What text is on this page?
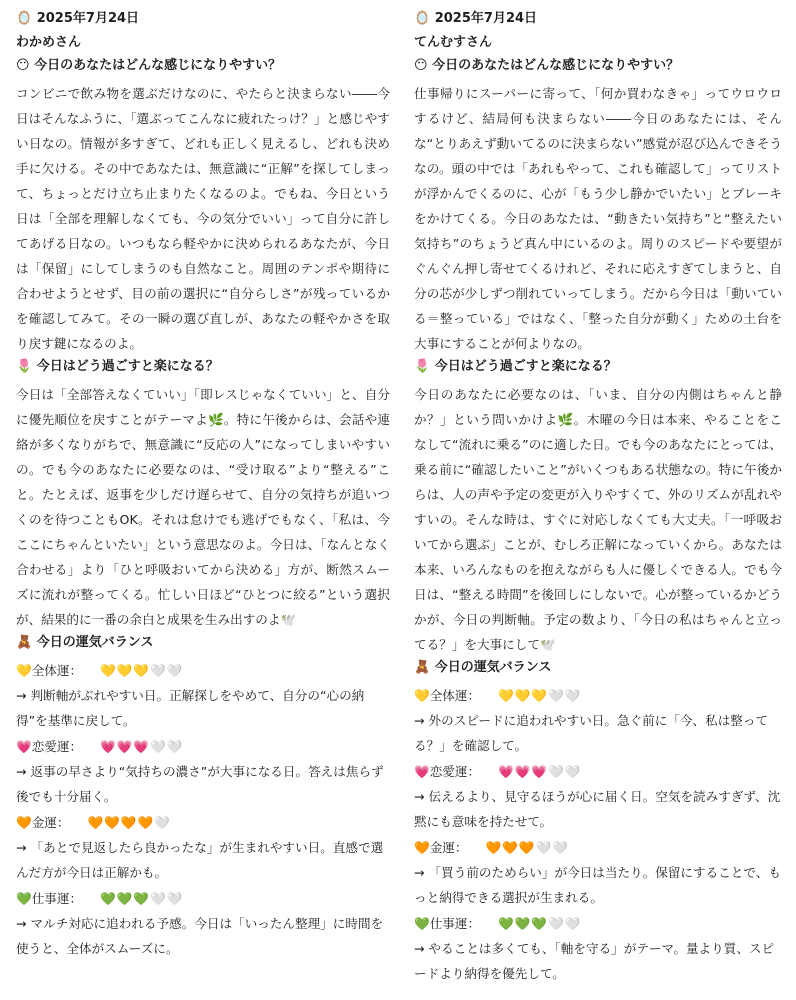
🪞 2025年7月24日
わかめさん
😶 今日のあなたはどんな感じになりやすい？

コンビニで飲み物を選ぶだけなのに、やたらと決まらない――今日はそんなふうに、「選ぶってこんなに疲れたっけ？」と感じやすい日なの。情報が多すぎて、どれも正しく見えるし、どれも決め手に欠ける。その中であなたは、無意識に“正解”を探してしまって、ちょっとだけ立ち止まりたくなるのよ。でもね、今日という日は「全部を理解しなくても、今の気分でいい」って自分に許してあげる日なの。いつもなら軽やかに決められるあなたが、今日は「保留」にしてしまうのも自然なこと。周囲のテンポや期待に合わせようとせず、目の前の選択に“自分らしさ”が残っているかを確認してみて。その一瞬の選び直しが、あなたの軽やかさを取り戻す鍵になるのよ。

🌷 今日はどう過ごすと楽になる？

今日は「全部答えなくていい」「即レスじゃなくていい」と、自分に優先順位を戻すことがテーマよ🌿。特に午後からは、会話や連絡が多くなりがちで、無意識に“反応の人”になってしまいやすいの。でも今のあなたに必要なのは、“受け取る”より“整える”こと。たとえば、返事を少しだけ遅らせて、自分の気持ちが追いつくのを待つこともOK。それは怠けでも逃げでもなく、「私は、今ここにちゃんといたい」という意思なのよ。今日は、「なんとなく合わせる」より「ひと呼吸おいてから決める」方が、断然スムーズに流れが整ってくる。忙しい日ほど“ひとつに絞る”という選択が、結果的に一番の余白と成果を生み出すのよ🕊️

🧸 今日の運気バランス
💛全体運： 💛💛💛🤍🤍
→ 判断軸がぶれやすい日。正解探しをやめて、自分の“心の納得”を基準に戻して。
💗恋愛運： 💗💗💗🤍🤍
→ 返事の早さより“気持ちの濃さ”が大事になる日。答えは焦らず後でも十分届く。
🧡金運： 🧡🧡🧡🧡🤍
→ 「あとで見返したら良かったな」が生まれやすい日。直感で選んだ方が今日は正解かも。
💚仕事運： 💚💚💚🤍🤍
→ マルチ対応に追われる予感。今日は「いったん整理」に時間を使うと、全体がスムーズに。
🪞 2025年7月24日
てんむすさん
😶 今日のあなたはどんな感じになりやすい？

仕事帰りにスーパーに寄って、「何か買わなきゃ」ってウロウロするけど、結局何も決まらない――今日のあなたには、そんな“とりあえず動いてるのに決まらない”感覚が忍び込んできそうなの。頭の中では「あれもやって、これも確認して」ってリストが浮かんでくるのに、心が「もう少し静かでいたい」とブレーキをかけてくる。今日のあなたは、“動きたい気持ち”と“整えたい気持ち”のちょうど真ん中にいるのよ。周りのスピードや要望がぐんぐん押し寄せてくるけれど、それに応えすぎてしまうと、自分の芯が少しずつ削れていってしまう。だから今日は「動いている＝整っている」ではなく、「整った自分が動く」ための土台を大事にすることが何よりなの。

🌷 今日はどう過ごすと楽になる？

今日のあなたに必要なのは、「いま、自分の内側はちゃんと静か？」という問いかけよ🌿。木曜の今日は本来、やることをこなして“流れに乗る”のに適した日。でも今のあなたにとっては、乗る前に“確認したいこと”がいくつもある状態なの。特に午後からは、人の声や予定の変更が入りやすくて、外のリズムが乱れやすいの。そんな時は、すぐに対応しなくても大丈夫。「一呼吸おいてから選ぶ」ことが、むしろ正解になっていくから。あなたは本来、いろんなものを抱えながらも人に優しくできる人。でも今日は、“整える時間”を後回しにしないで。心が整っているかどうかが、今日の判断軸。予定の数より、「今日の私はちゃんと立ってる？」を大事にして🕊️

🧸 今日の運気バランス
💛全体運： 💛💛💛🤍🤍
→ 外のスピードに追われやすい日。急ぐ前に「今、私は整ってる？」を確認して。
💗恋愛運： 💗💗💗🤍🤍
→ 伝えるより、見守るほうが心に届く日。空気を読みすぎず、沈黙にも意味を持たせて。
🧡金運： 🧡🧡🧡🤍🤍
→ 「買う前のためらい」が今日は当たり。保留にすることで、もっと納得できる選択が生まれる。
💚仕事運： 💚💚💚🤍🤍
→ やることは多くても、「軸を守る」がテーマ。量より質、スピードより納得を優先して。
